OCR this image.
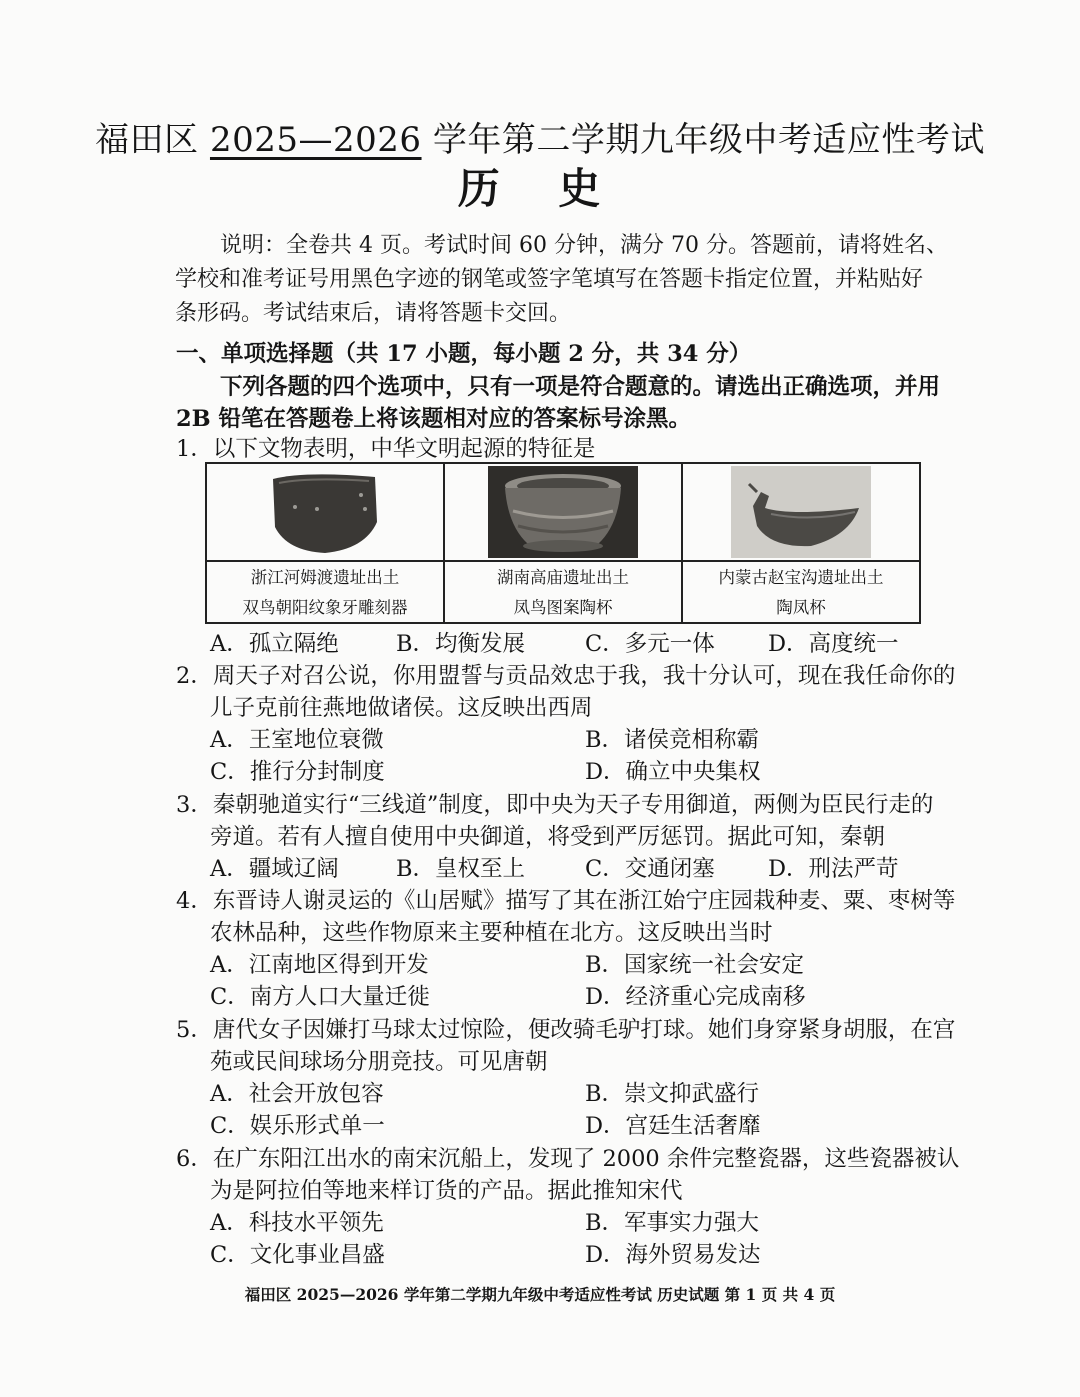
福田区 2025—2026 学年第二学期九年级中考适应性考试
历 史
说明：全卷共 4 页。考试时间 60 分钟，满分 70 分。答题前，请将姓名、
学校和准考证号用黑色字迹的钢笔或签字笔填写在答题卡指定位置，并粘贴好
条形码。考试结束后，请将答题卡交回。
一、单项选择题（共 17 小题，每小题 2 分，共 34 分）
下列各题的四个选项中，只有一项是符合题意的。请选出正确选项，并用
2B 铅笔在答题卷上将该题相对应的答案标号涂黑。
1．以下文物表明，中华文明起源的特征是
浙江河姆渡遗址出土
双鸟朝阳纹象牙雕刻器

湖南高庙遗址出土
凤鸟图案陶杯

内蒙古赵宝沟遗址出土
陶凤杯
A．孤立隔绝	B．均衡发展	C．多元一体 D．高度统一
2．周天子对召公说，你用盟誓与贡品效忠于我，我十分认可，现在我任命你的
儿子克前往燕地做诸侯。这反映出西周
A．王室地位衰微	B．诸侯竞相称霸
C．推行分封制度	D．确立中央集权
3．秦朝驰道实行“三线道”制度，即中央为天子专用御道，两侧为臣民行走的
旁道。若有人擅自使用中央御道，将受到严厉惩罚。据此可知，秦朝
A．疆域辽阔	B．皇权至上	C．交通闭塞 D．刑法严苛
4．东晋诗人谢灵运的《山居赋》描写了其在浙江始宁庄园栽种麦、粟、枣树等
农林品种，这些作物原来主要种植在北方。这反映出当时
A．江南地区得到开发	B．国家统一社会安定
C．南方人口大量迁徙	D．经济重心完成南移
5．唐代女子因嫌打马球太过惊险，便改骑毛驴打球。她们身穿紧身胡服，在宫
苑或民间球场分朋竞技。可见唐朝
A．社会开放包容	B．崇文抑武盛行
C．娱乐形式单一	D．宫廷生活奢靡
6．在广东阳江出水的南宋沉船上，发现了 2000 余件完整瓷器，这些瓷器被认
为是阿拉伯等地来样订货的产品。据此推知宋代
A．科技水平领先	B．军事实力强大
C．文化事业昌盛	D．海外贸易发达
福田区 2025—2026 学年第二学期九年级中考适应性考试 历史试题 第 1 页 共 4 页
